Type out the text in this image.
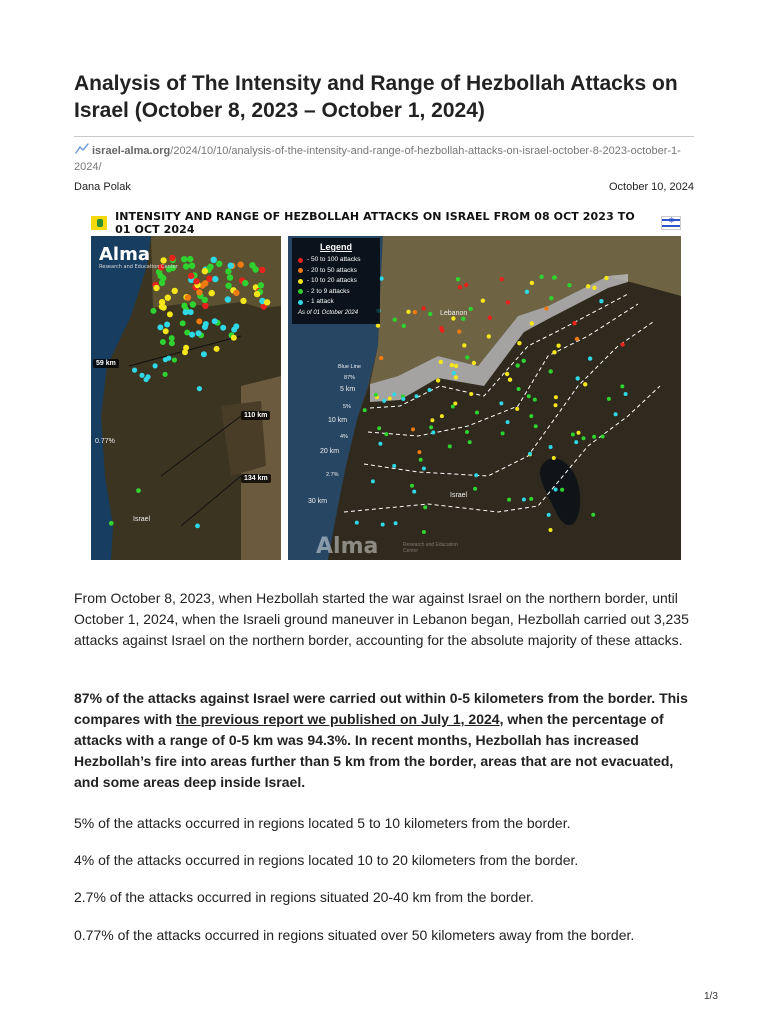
Analysis of The Intensity and Range of Hezbollah Attacks on Israel (October 8, 2023 – October 1, 2024)
israel-alma.org/2024/10/10/analysis-of-the-intensity-and-range-of-hezbollah-attacks-on-israel-october-8-2023-october-1-2024/
Dana Polak	October 10, 2024
INTENSITY AND RANGE OF HEZBOLLAH ATTACKS ON ISRAEL FROM 08 OCT 2023 TO 01 OCT 2024
✡
Alma
Research and Education Center
59 km
110 km
134 km
0.77%
Israel
Legend
- 50 to 100 attacks
- 20 to 50 attacks
- 10 to 20 attacks
- 2 to 9 attacks
- 1 attack
As of 01 October 2024	Lebanon
Blue Line
87%
5 km
5%
10 km
4%
20 km
2.7%
30 km
Israel
Alma	Research and Education Center

From October 8, 2023, when Hezbollah started the war against Israel on the northern border, until October 1, 2024, when the Israeli ground maneuver in Lebanon began, Hezbollah carried out 3,235 attacks against Israel on the northern border, accounting for the absolute majority of these attacks.

87% of the attacks against Israel were carried out within 0-5 kilometers from the border. This compares with the previous report we published on July 1, 2024, when the percentage of attacks with a range of 0-5 km was 94.3%. In recent months, Hezbollah has increased Hezbollah’s fire into areas further than 5 km from the border, areas that are not evacuated, and some areas deep inside Israel.

5% of the attacks occurred in regions located 5 to 10 kilometers from the border.

4% of the attacks occurred in regions located 10 to 20 kilometers from the border.

2.7% of the attacks occurred in regions situated 20-40 km from the border.

0.77% of the attacks occurred in regions situated over 50 kilometers away from the border.

1/3
